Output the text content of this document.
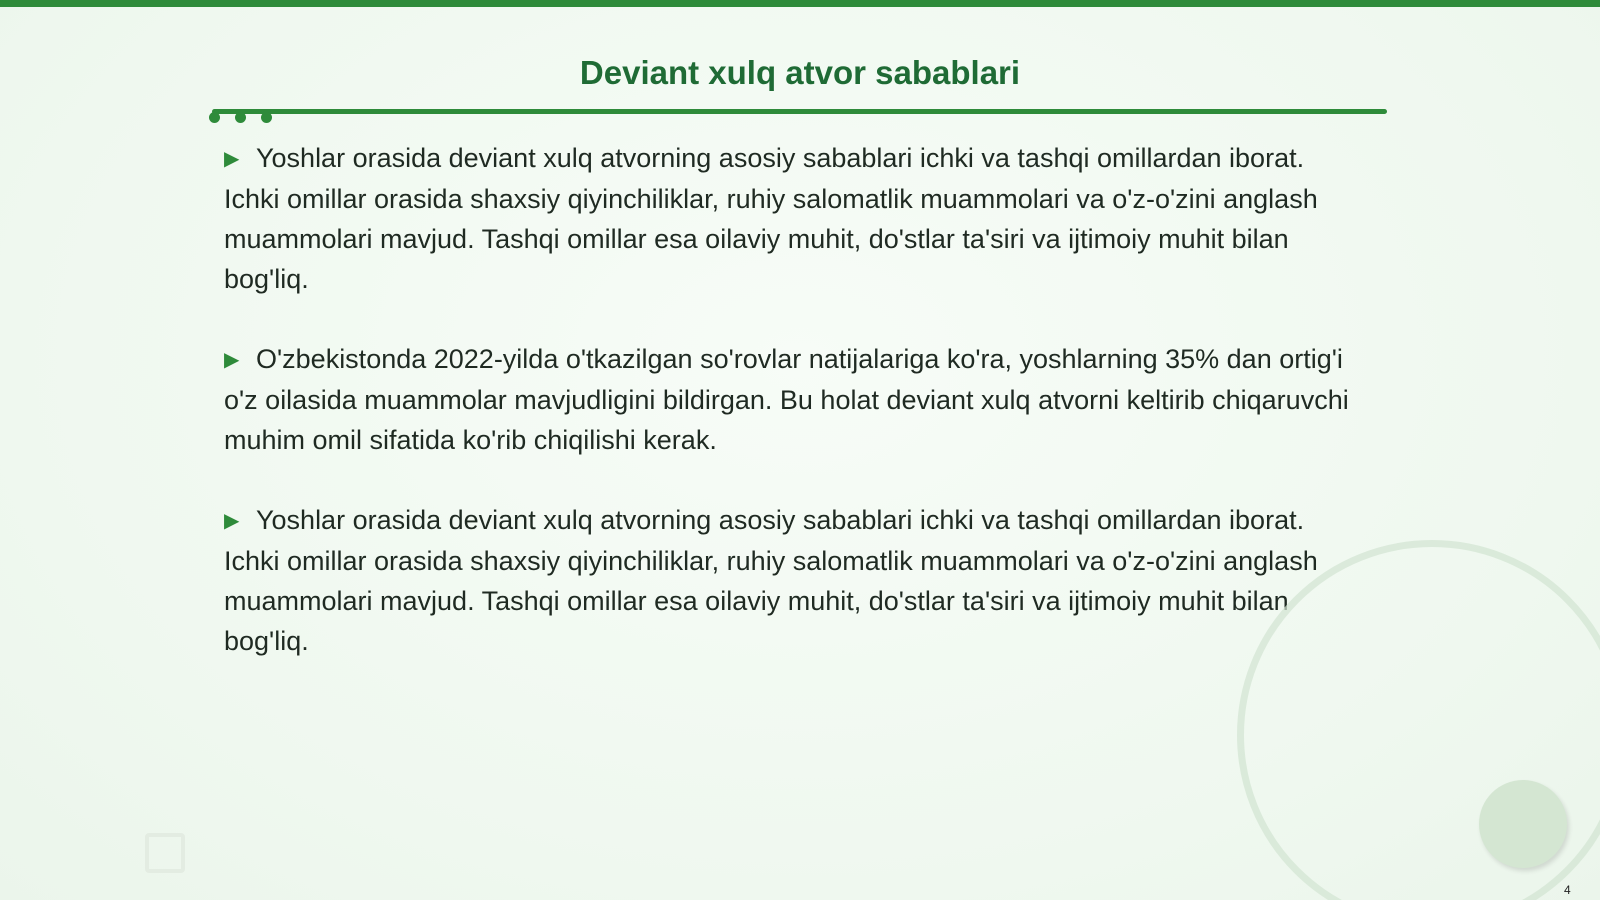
Deviant xulq atvor sabablari

▶ Yoshlar orasida deviant xulq atvorning asosiy sabablari ichki va tashqi omillardan iborat. Ichki omillar orasida shaxsiy qiyinchiliklar, ruhiy salomatlik muammolari va o'z-o'zini anglash muammolari mavjud. Tashqi omillar esa oilaviy muhit, do'stlar ta'siri va ijtimoiy muhit bilan bog'liq.

▶ O'zbekistonda 2022-yilda o'tkazilgan so'rovlar natijalariga ko'ra, yoshlarning 35% dan ortig'i o'z oilasida muammolar mavjudligini bildirgan. Bu holat deviant xulq atvorni keltirib chiqaruvchi muhim omil sifatida ko'rib chiqilishi kerak.

▶ Yoshlar orasida deviant xulq atvorning asosiy sabablari ichki va tashqi omillardan iborat. Ichki omillar orasida shaxsiy qiyinchiliklar, ruhiy salomatlik muammolari va o'z-o'zini anglash muammolari mavjud. Tashqi omillar esa oilaviy muhit, do'stlar ta'siri va ijtimoiy muhit bilan bog'liq.

4
